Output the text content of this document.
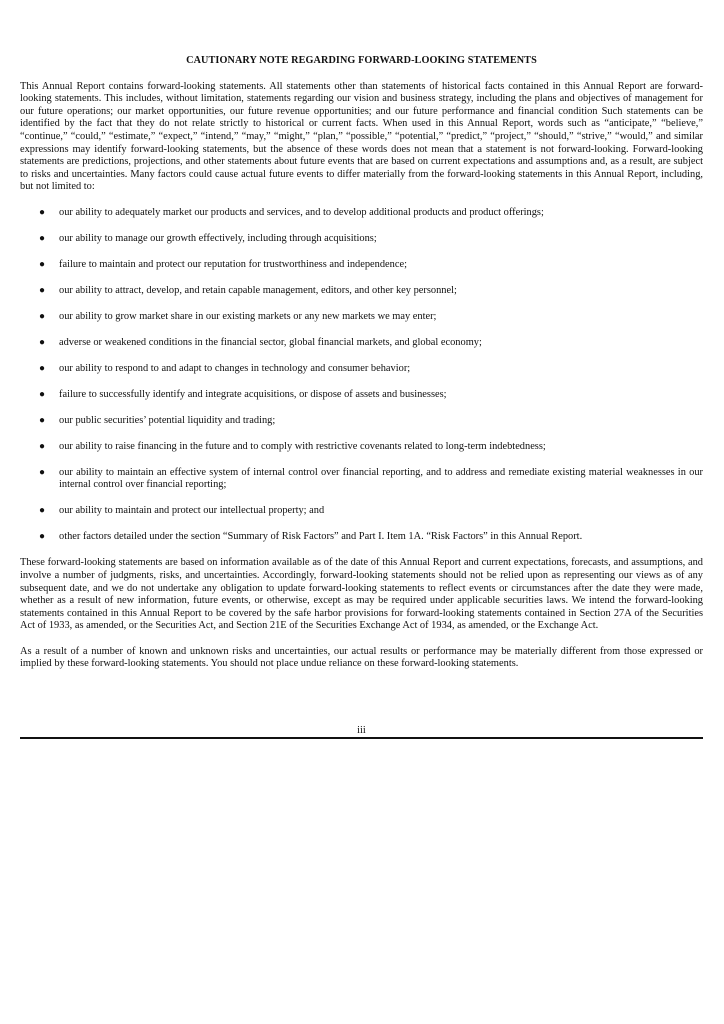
CAUTIONARY NOTE REGARDING FORWARD-LOOKING STATEMENTS

This Annual Report contains forward-looking statements. All statements other than statements of historical facts contained in this Annual Report are forward-looking statements. This includes, without limitation, statements regarding our vision and business strategy, including the plans and objectives of management for our future operations; our market opportunities, our future revenue opportunities; and our future performance and financial condition Such statements can be identified by the fact that they do not relate strictly to historical or current facts. When used in this Annual Report, words such as “anticipate,” “believe,” “continue,” “could,” “estimate,” “expect,” “intend,” “may,” “might,” “plan,” “possible,” “potential,” “predict,” “project,” “should,” “strive,” “would,” and similar expressions may identify forward-looking statements, but the absence of these words does not mean that a statement is not forward-looking. Forward-looking statements are predictions, projections, and other statements about future events that are based on current expectations and assumptions and, as a result, are subject to risks and uncertainties. Many factors could cause actual future events to differ materially from the forward-looking statements in this Annual Report, including, but not limited to:

● our ability to adequately market our products and services, and to develop additional products and product offerings;
● our ability to manage our growth effectively, including through acquisitions;
● failure to maintain and protect our reputation for trustworthiness and independence;
● our ability to attract, develop, and retain capable management, editors, and other key personnel;
● our ability to grow market share in our existing markets or any new markets we may enter;
● adverse or weakened conditions in the financial sector, global financial markets, and global economy;
● our ability to respond to and adapt to changes in technology and consumer behavior;
● failure to successfully identify and integrate acquisitions, or dispose of assets and businesses;
● our public securities’ potential liquidity and trading;
● our ability to raise financing in the future and to comply with restrictive covenants related to long-term indebtedness;
● our ability to maintain an effective system of internal control over financial reporting, and to address and remediate existing material weaknesses in our internal control over financial reporting;
● our ability to maintain and protect our intellectual property; and
● other factors detailed under the section “Summary of Risk Factors” and Part I. Item 1A. “Risk Factors” in this Annual Report.

These forward-looking statements are based on information available as of the date of this Annual Report and current expectations, forecasts, and assumptions, and involve a number of judgments, risks, and uncertainties. Accordingly, forward-looking statements should not be relied upon as representing our views as of any subsequent date, and we do not undertake any obligation to update forward-looking statements to reflect events or circumstances after the date they were made, whether as a result of new information, future events, or otherwise, except as may be required under applicable securities laws. We intend the forward-looking statements contained in this Annual Report to be covered by the safe harbor provisions for forward-looking statements contained in Section 27A of the Securities Act of 1933, as amended, or the Securities Act, and Section 21E of the Securities Exchange Act of 1934, as amended, or the Exchange Act.

As a result of a number of known and unknown risks and uncertainties, our actual results or performance may be materially different from those expressed or implied by these forward-looking statements. You should not place undue reliance on these forward-looking statements.

iii
